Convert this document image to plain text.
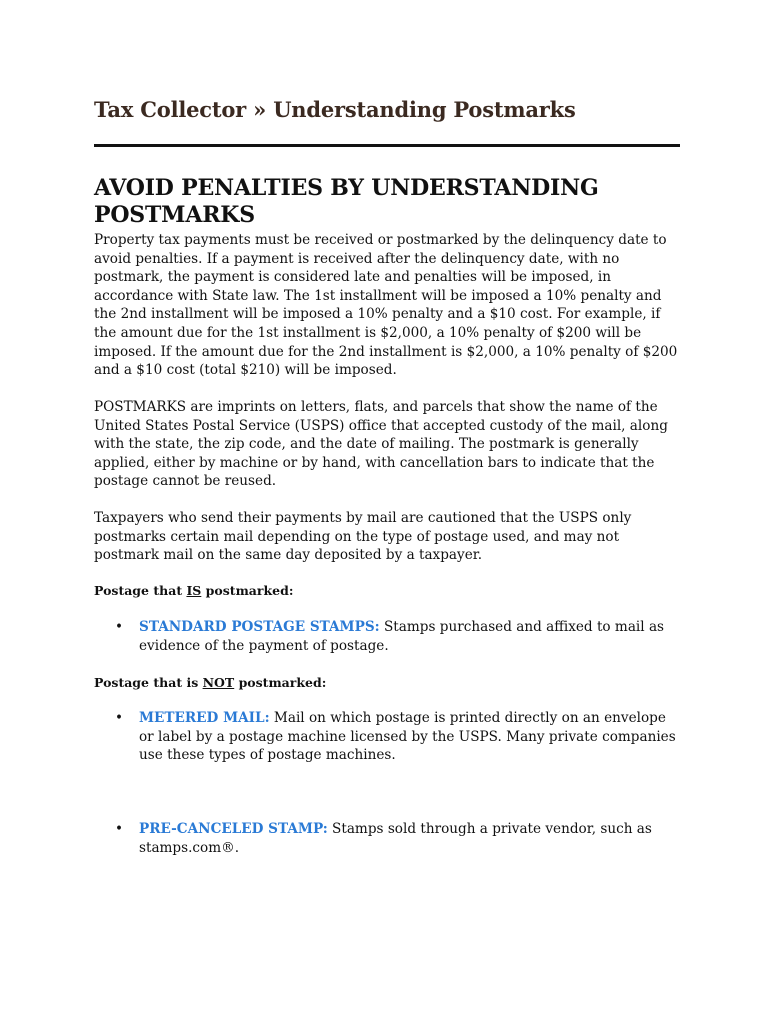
Tax Collector » Understanding Postmarks
AVOID PENALTIES BY UNDERSTANDING POSTMARKS

Property tax payments must be received or postmarked by the delinquency date to avoid penalties. If a payment is received after the delinquency date, with no postmark, the payment is considered late and penalties will be imposed, in accordance with State law. The 1st installment will be imposed a 10% penalty and the 2nd installment will be imposed a 10% penalty and a $10 cost. For example, if the amount due for the 1st installment is $2,000, a 10% penalty of $200 will be imposed. If the amount due for the 2nd installment is $2,000, a 10% penalty of $200 and a $10 cost (total $210) will be imposed.

POSTMARKS are imprints on letters, flats, and parcels that show the name of the United States Postal Service (USPS) office that accepted custody of the mail, along with the state, the zip code, and the date of mailing. The postmark is generally applied, either by machine or by hand, with cancellation bars to indicate that the postage cannot be reused.

Taxpayers who send their payments by mail are cautioned that the USPS only postmarks certain mail depending on the type of postage used, and may not postmark mail on the same day deposited by a taxpayer.

Postage that IS postmarked:

• STANDARD POSTAGE STAMPS: Stamps purchased and affixed to mail as evidence of the payment of postage.

Postage that is NOT postmarked:

• METERED MAIL: Mail on which postage is printed directly on an envelope or label by a postage machine licensed by the USPS. Many private companies use these types of postage machines.
• PRE-CANCELED STAMP: Stamps sold through a private vendor, such as stamps.com®.
